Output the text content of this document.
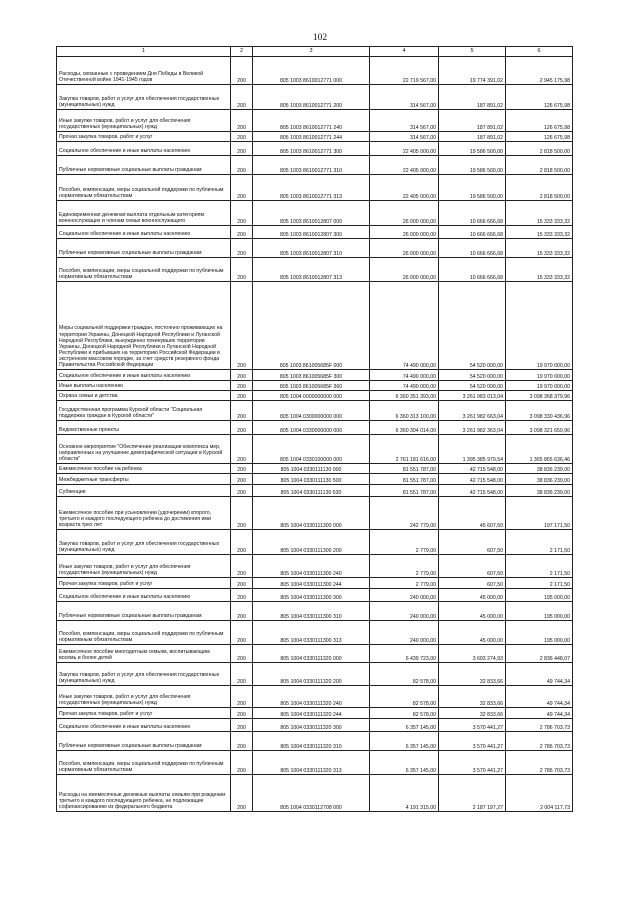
102
1	2	3	4	5	6
Расходы, связанные с проведением Дня Победы в Великой Отечественной войне 1941-1945 годов	200	805 1003 8610012771 000	22 719 567,00	19 774 391,02	2 945 175,98
Закупка товаров, работ и услуг для обеспечения государственных (муниципальных) нужд	200	805 1003 8610012771 200	314 567,00	187 891,02	126 675,98
Иные закупки товаров, работ и услуг для обеспечения государственных (муниципальных) нужд	200	805 1003 8610012771 240	314 567,00	187 891,02	126 675,98
Прочая закупка товаров, работ и услуг	200	805 1003 8610012771 244	314 567,00	187 891,02	126 675,98
Социальное обеспечение и иные выплаты населению	200	805 1003 8610012771 300	22 405 000,00	19 586 500,00	2 818 500,00
Публичные нормативные социальные выплаты гражданам	200	805 1003 8610012771 310	22 405 000,00	19 586 500,00	2 818 500,00
Пособия, компенсации, меры социальной поддержки по публичным нормативным обязательствам	200	805 1003 8610012771 313	22 405 000,00	19 586 500,00	2 818 500,00
Единовременная денежная выплата отдельным категориям военнослужащих и членам семьи военнослужащего	200	805 1003 8610012807 000	26 000 000,00	10 666 666,68	15 333 333,32
Социальное обеспечение и иные выплаты населению	200	805 1003 8610012807 300	26 000 000,00	10 666 666,68	15 333 333,32
Публичные нормативные социальные выплаты гражданам	200	805 1003 8610012807 310	26 000 000,00	10 666 666,68	15 333 333,32
Пособия, компенсации, меры социальной поддержки по публичным нормативным обязательствам	200	805 1003 8610012807 313	26 000 000,00	10 666 666,68	15 333 333,32
Меры социальной поддержки граждан, постоянно проживающих на территории Украины, Донецкой Народной Республики и Луганской Народной Республики, вынужденно покинувших территории Украины, Донецкой Народной Республики и Луганской Народной Республики и прибывших на территорию Российской Федерации в экстренном массовом порядке, за счет средств резервного фонда Правительства Российской Федерации	200	805 1003 861005685F 000	74 490 000,00	54 520 000,00	19 970 000,00
Социальное обеспечение и иные выплаты населению	200	805 1003 861005685F 300	74 490 000,00	54 520 000,00	19 970 000,00
Иные выплаты населению	200	805 1003 861005685F 360	74 490 000,00	54 520 000,00	19 970 000,00
Охрана семьи и детства	200	805 1004 0000000000 000	6 360 351 393,00	3 261 983 013,04	3 098 368 379,96
Государственная программа Курской области "Социальная поддержка граждан в Курской области"	200	805 1004 0300000000 000	6 360 313 100,00	3 261 982 663,04	3 098 330 436,96
Ведомственные проекты	200	805 1004 0330000000 000	6 360 304 014,00	3 261 982 363,04	3 098 321 650,96
Основное мероприятие "Обеспечение реализации комплекса мер, направленных на улучшение демографической ситуации в Курской области"	200	805 1004 0330100000 000	2 761 181 616,00	1 395 385 979,54	1 365 865 636,46
Ежемесячное пособие на ребенка	200	805 1004 0330111130 000	81 551 787,00	42 715 548,00	38 836 239,00
Межбюджетные трансферты	200	805 1004 0330111130 500	81 551 787,00	42 715 548,00	38 836 239,00
Субвенции	200	805 1004 0330111130 530	81 551 787,00	42 715 548,00	38 836 239,00
Ежемесячное пособие при усыновлении (удочерении) второго, третьего и каждого последующего ребенка до достижения ими возраста трех лет	200	805 1004 0330111300 000	242 779,00	45 607,50	197 171,50
Закупка товаров, работ и услуг для обеспечения государственных (муниципальных) нужд	200	805 1004 0330111300 200	2 779,00	607,50	2 171,50
Иные закупки товаров, работ и услуг для обеспечения государственных (муниципальных) нужд	200	805 1004 0330111300 240	2 779,00	607,50	2 171,50
Прочая закупка товаров, работ и услуг	200	805 1004 0330111300 244	2 779,00	607,50	2 171,50
Социальное обеспечение и иные выплаты населению	200	805 1004 0330111300 300	240 000,00	45 000,00	195 000,00
Публичные нормативные социальные выплаты гражданам	200	805 1004 0330111300 310	240 000,00	45 000,00	195 000,00
Пособия, компенсации, меры социальной поддержки по публичным нормативным обязательствам	200	805 1004 0330111300 313	240 000,00	45 000,00	195 000,00
Ежемесячное пособие многодетным семьям, воспитывающим восемь и более детей	200	805 1004 0330111320 000	6 439 723,00	3 603 274,93	2 836 448,07
Закупка товаров, работ и услуг для обеспечения государственных (муниципальных) нужд	200	805 1004 0330111320 200	82 578,00	32 833,66	49 744,34
Иные закупки товаров, работ и услуг для обеспечения государственных (муниципальных) нужд	200	805 1004 0330111320 240	82 578,00	32 833,66	49 744,34
Прочая закупка товаров, работ и услуг	200	805 1004 0330111320 244	82 578,00	32 833,66	49 744,34
Социальное обеспечение и иные выплаты населению	200	805 1004 0330111320 300	6 357 145,00	3 570 441,27	2 786 703,73
Публичные нормативные социальные выплаты гражданам	200	805 1004 0330111320 310	6 357 145,00	3 570 441,27	2 786 703,73
Пособия, компенсации, меры социальной поддержки по публичным нормативным обязательствам	200	805 1004 0330111320 313	6 357 145,00	3 570 441,27	2 786 703,73
Расходы на ежемесячные денежные выплаты семьям при рождении третьего и каждого последующего ребенка, не подлежащие софинансированию из федерального бюджета	200	805 1004 0330112708 000	4 191 315,00	2 187 197,27	2 004 117,73
